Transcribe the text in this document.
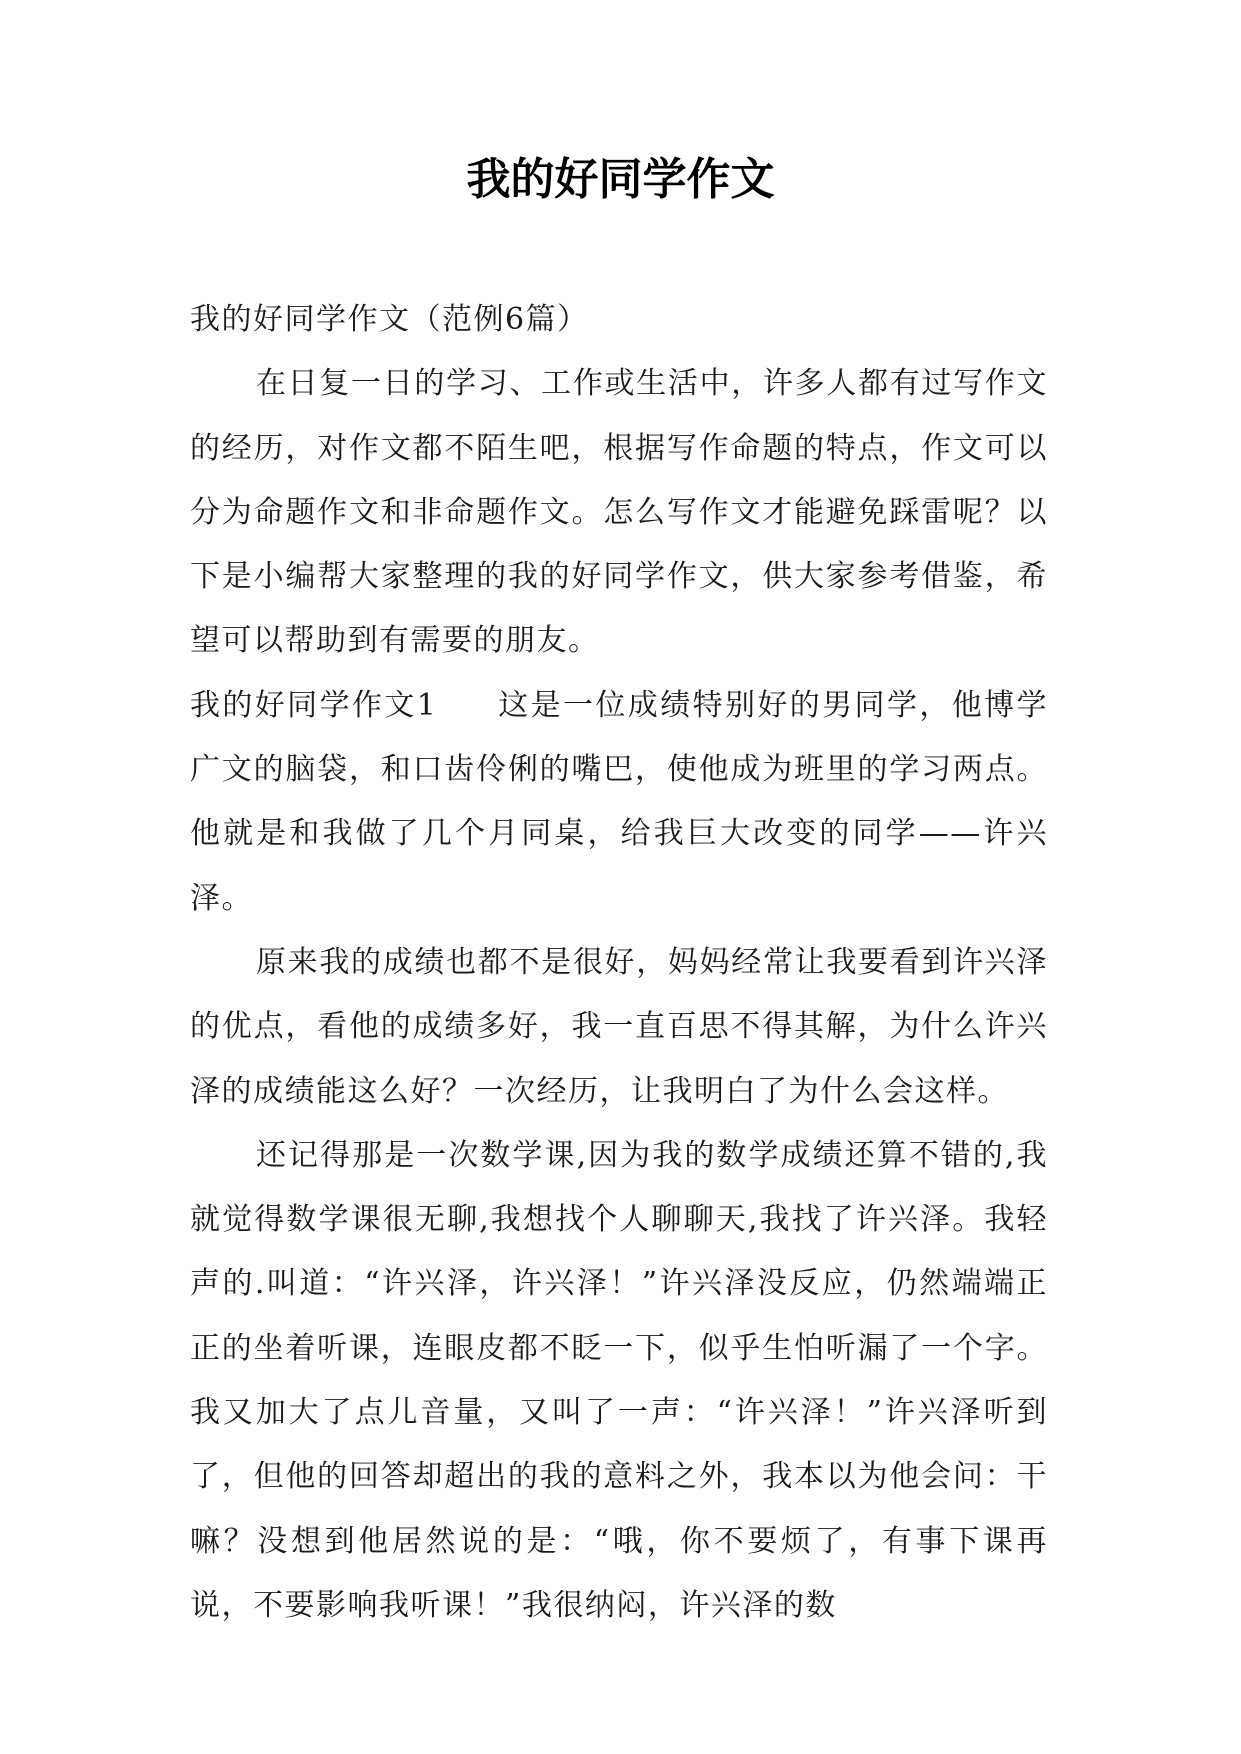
我的好同学作文

我的好同学作文（范例6篇）

在日复一日的学习、工作或生活中，许多人都有过写作文的经历，对作文都不陌生吧，根据写作命题的特点，作文可以分为命题作文和非命题作文。怎么写作文才能避免踩雷呢？以下是小编帮大家整理的我的好同学作文，供大家参考借鉴，希望可以帮助到有需要的朋友。

我的好同学作文1 这是一位成绩特别好的男同学，他博学广文的脑袋，和口齿伶俐的嘴巴，使他成为班里的学习两点。他就是和我做了几个月同桌，给我巨大改变的同学——许兴泽。

原来我的成绩也都不是很好，妈妈经常让我要看到许兴泽的优点，看他的成绩多好，我一直百思不得其解，为什么许兴泽的成绩能这么好？一次经历，让我明白了为什么会这样。

还记得那是一次数学课,因为我的数学成绩还算不错的,我就觉得数学课很无聊,我想找个人聊聊天,我找了许兴泽。我轻声的.叫道：“许兴泽，许兴泽！”许兴泽没反应，仍然端端正正的坐着听课，连眼皮都不眨一下，似乎生怕听漏了一个字。我又加大了点儿音量，又叫了一声：“许兴泽！”许兴泽听到了，但他的回答却超出的我的意料之外，我本以为他会问：干嘛？没想到他居然说的是：“哦，你不要烦了，有事下课再说，不要影响我听课！”我很纳闷，许兴泽的数
